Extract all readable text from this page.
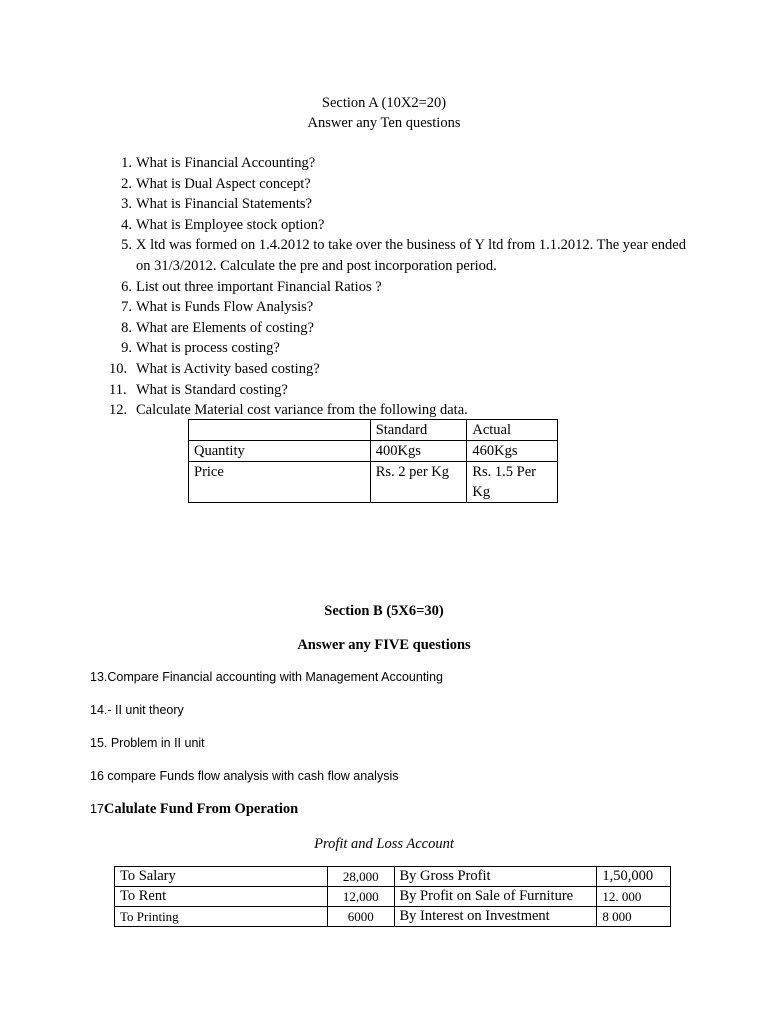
Section A (10X2=20)
Answer any Ten questions
1. What is Financial Accounting?
2. What is Dual Aspect concept?
3. What is Financial Statements?
4. What is Employee stock option?
5. X ltd was formed on 1.4.2012 to take over the business of Y ltd from 1.1.2012. The year ended on 31/3/2012. Calculate the pre and post incorporation period.
6. List out three important Financial Ratios ?
7. What is Funds Flow Analysis?
8. What are Elements of costing?
9. What is process costing?
10. What is Activity based costing?
11. What is Standard costing?
12. Calculate Material cost variance from the following data.
	Standard	Actual
Quantity	400Kgs	460Kgs
Price	Rs. 2 per Kg	Rs. 1.5 Per Kg
Section B (5X6=30)
Answer any FIVE questions
13.Compare Financial accounting with Management Accounting
14.- II unit theory
15. Problem in II unit
16 compare Funds flow analysis with cash flow analysis
17Calulate Fund From Operation
Profit and Loss Account
To Salary	28,000	By Gross Profit	1,50,000
To Rent	12,000	By Profit on Sale of Furniture	12. 000
To Printing	6000	By Interest on Investment	8 000
